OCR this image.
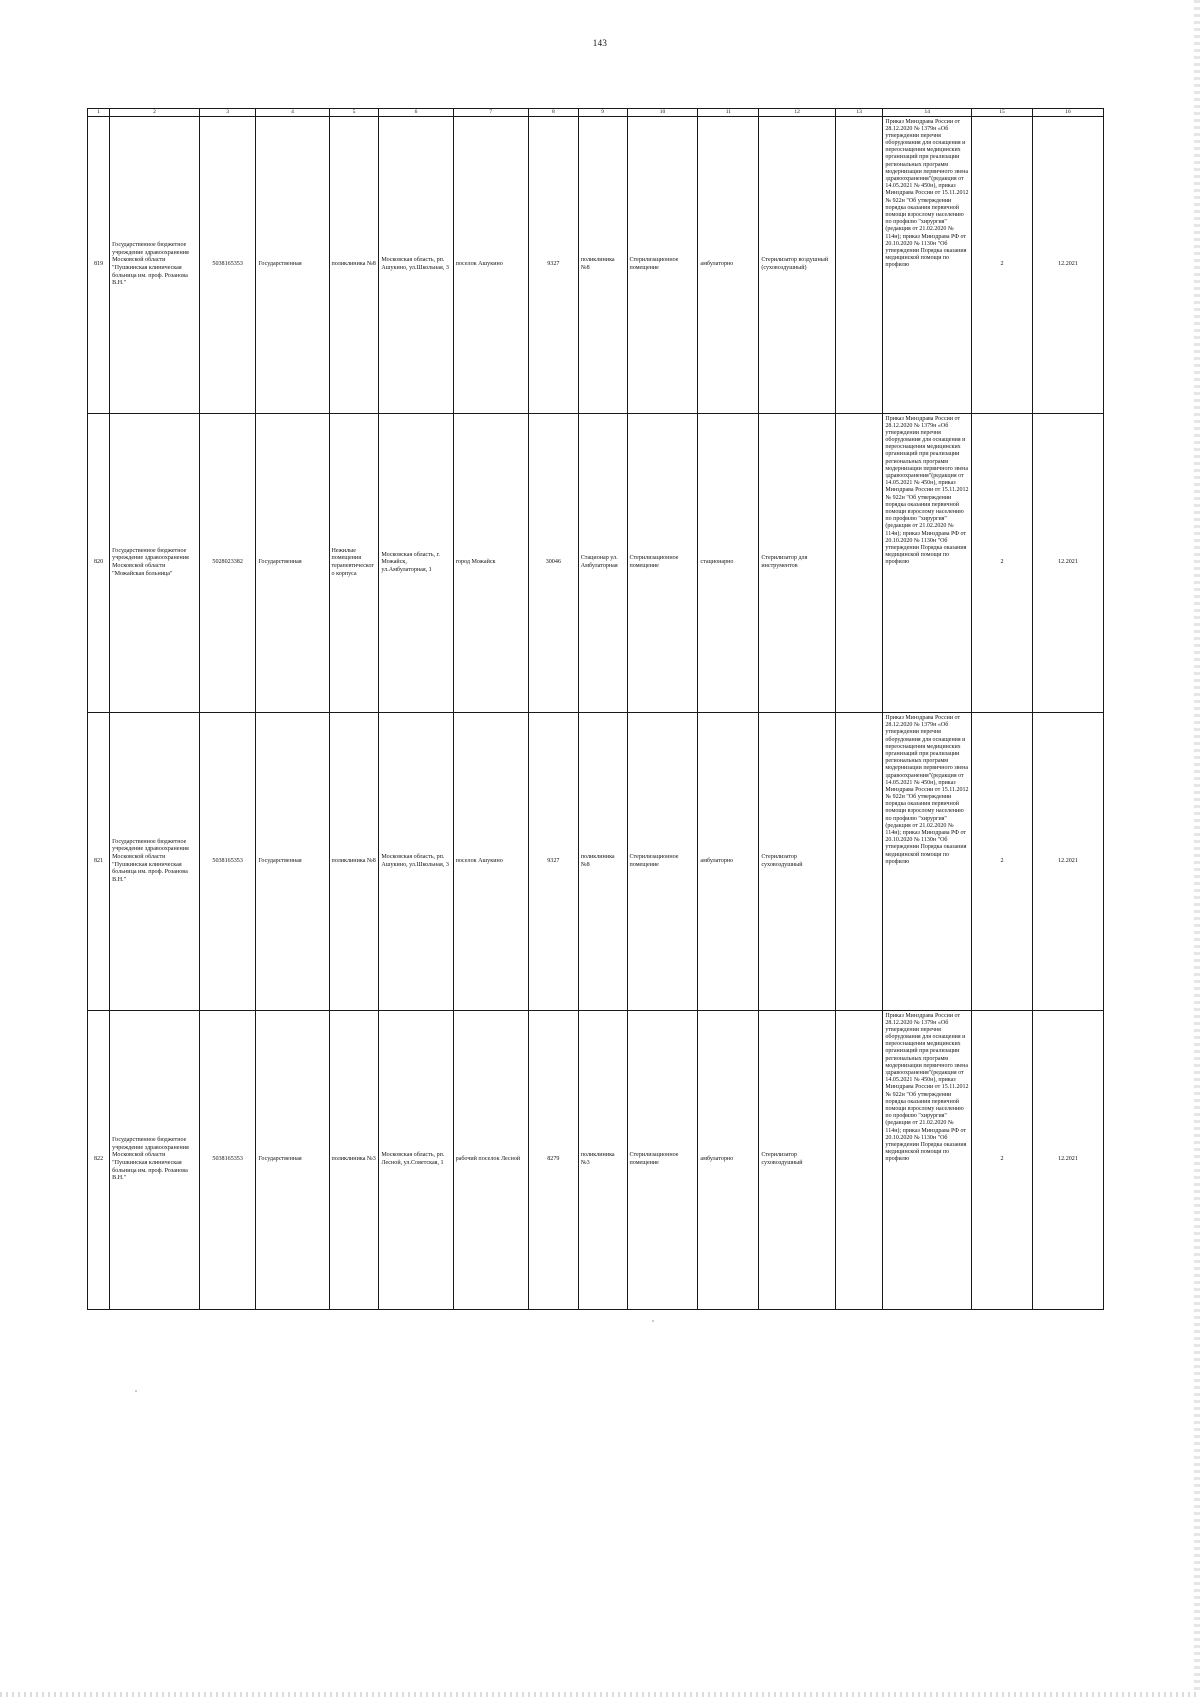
143
1	2	3	4	5	6	7	8	9	10	11	12	13	14	15	16
819	Государственное бюджетное учреждение здравоохранения Московской области "Пушкинская клиническая больница им. проф. Розанова В.Н."	5038165353	Государственная	поликлиника №8	Московская область, рп. Ашукино, ул.Школьная, 3	поселок Ашукино	9327	поликлиника №8	Стерилизационное помещение	амбулаторно	Стерилизатор воздушный (суховоздушный)		Приказ Минздрава России от 28.12.2020 № 1379н «Об утверждении перечня оборудования для оснащения и переоснащения медицинских организаций при реализации региональных программ модернизации первичного звена здравоохранения"(редакция от 14.05.2021 № 450н), приказ Минздрава России от 15.11.2012 № 922н "Об утверждении порядка оказания первичной помощи взрослому населению по профилю "хирургия" (редакция от 21.02.2020 № 114н); приказ Минздрава РФ от 20.10.2020 № 1130н "Об утверждении Порядка оказания медицинской помощи по профилю	2	12.2021
820	Государственное бюджетное учреждение здравоохранения Московской области "Можайская больница"	5028023382	Государственная	Нежилые помещения терапевтического корпуса	Московская область, г. Можайск, ул.Амбулаторная, 1	город Можайск	30046	Стационар ул. Амбулаторная	Стерилизационное помещение	стационарно	Стерилизатор для инструментов		Приказ Минздрава России от 28.12.2020 № 1379н «Об утверждении перечня оборудования для оснащения и переоснащения медицинских организаций при реализации региональных программ модернизации первичного звена здравоохранения"(редакция от 14.05.2021 № 450н), приказ Минздрава России от 15.11.2012 № 922н "Об утверждении порядка оказания первичной помощи взрослому населению по профилю "хирургия" (редакция от 21.02.2020 № 114н); приказ Минздрава РФ от 20.10.2020 № 1130н "Об утверждении Порядка оказания медицинской помощи по профилю	2	12.2021
821	Государственное бюджетное учреждение здравоохранения Московской области "Пушкинская клиническая больница им. проф. Розанова В.Н."	5038165353	Государственная	поликлиника №8	Московская область, рп. Ашукино, ул.Школьная, 3	поселок Ашукино	9327	поликлиника №8	Стерилизационное помещение	амбулаторно	Стерилизатор суховоздушный		Приказ Минздрава России от 28.12.2020 № 1379н «Об утверждении перечня оборудования для оснащения и переоснащения медицинских организаций при реализации региональных программ модернизации первичного звена здравоохранения"(редакция от 14.05.2021 № 450н), приказ Минздрава России от 15.11.2012 № 922н "Об утверждении порядка оказания первичной помощи взрослому населению по профилю "хирургия" (редакция от 21.02.2020 № 114н); приказ Минздрава РФ от 20.10.2020 № 1130н "Об утверждении Порядка оказания медицинской помощи по профилю	2	12.2021
822	Государственное бюджетное учреждение здравоохранения Московской области "Пушкинская клиническая больница им. проф. Розанова В.Н."	5038165353	Государственная	поликлиника №3	Московская область, рп. Лесной, ул.Советская, 1	рабочий поселок Лесной	8279	поликлиника №3	Стерилизационное помещение	амбулаторно	Стерилизатор суховоздушный		Приказ Минздрава России от 28.12.2020 № 1379н «Об утверждении перечня оборудования для оснащения и переоснащения медицинских организаций при реализации региональных программ модернизации первичного звена здравоохранения"(редакция от 14.05.2021 № 450н), приказ Минздрава России от 15.11.2012 № 922н "Об утверждении порядка оказания первичной помощи взрослому населению по профилю "хирургия" (редакция от 21.02.2020 № 114н); приказ Минздрава РФ от 20.10.2020 № 1130н "Об утверждении Порядка оказания медицинской помощи по профилю	2	12.2021
